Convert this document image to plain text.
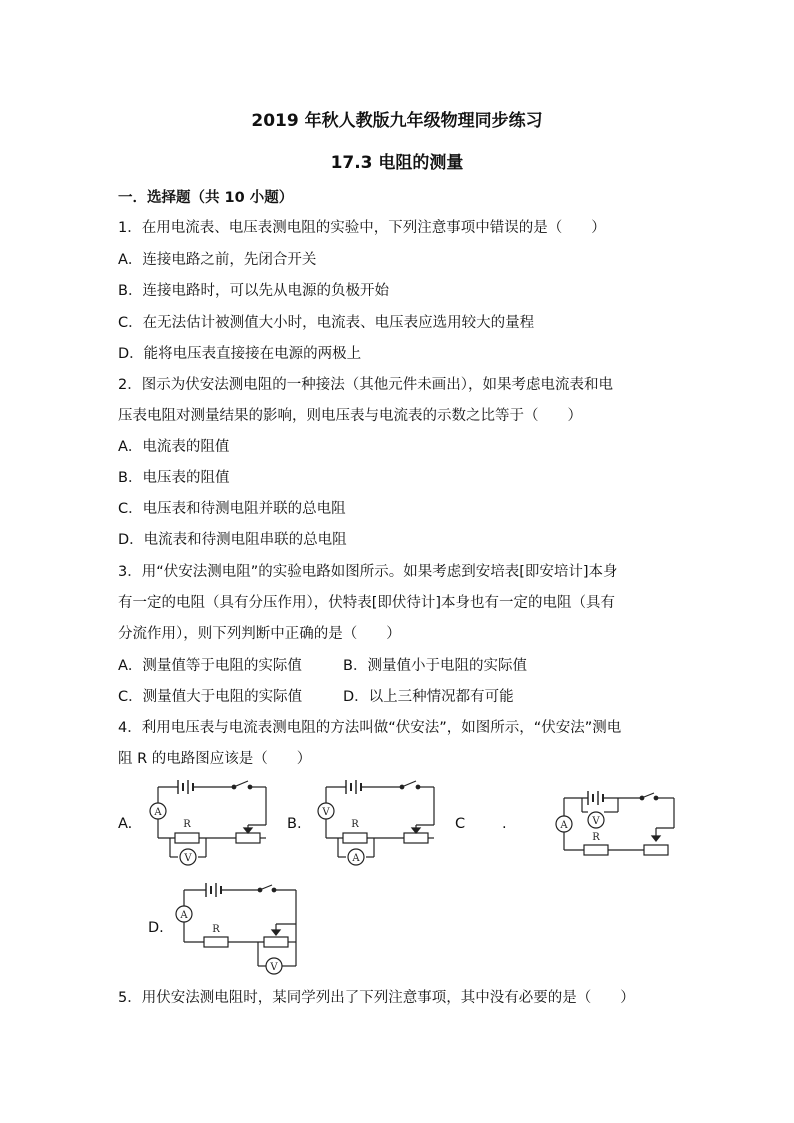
2019 年秋人教版九年级物理同步练习
17.3 电阻的测量
一．选择题（共 10 小题）
1．在用电流表、电压表测电阻的实验中，下列注意事项中错误的是（　　）
A．连接电路之前，先闭合开关
B．连接电路时，可以先从电源的负极开始
C．在无法估计被测值大小时，电流表、电压表应选用较大的量程
D．能将电压表直接接在电源的两极上
2．图示为伏安法测电阻的一种接法（其他元件未画出），如果考虑电流表和电
压表电阻对测量结果的影响，则电压表与电流表的示数之比等于（　　）
A．电流表的阻值
B．电压表的阻值
C．电压表和待测电阻并联的总电阻
D．电流表和待测电阻串联的总电阻
3．用“伏安法测电阻”的实验电路如图所示。如果考虑到安培表[即安培计]本身
有一定的电阻（具有分压作用），伏特表[即伏待计]本身也有一定的电阻（具有
分流作用），则下列判断中正确的是（　　）
A．测量值等于电阻的实际值	B．测量值小于电阻的实际值
C．测量值大于电阻的实际值	D．以上三种情况都有可能
4．利用电压表与电流表测电阻的方法叫做“伏安法”，如图所示，“伏安法”测电
阻 R 的电路图应该是（　　）
A.	B.	C	.
D.
A
R
V
V
R
A
A V
R
A
R
V
5．用伏安法测电阻时，某同学列出了下列注意事项，其中没有必要的是（　　）
